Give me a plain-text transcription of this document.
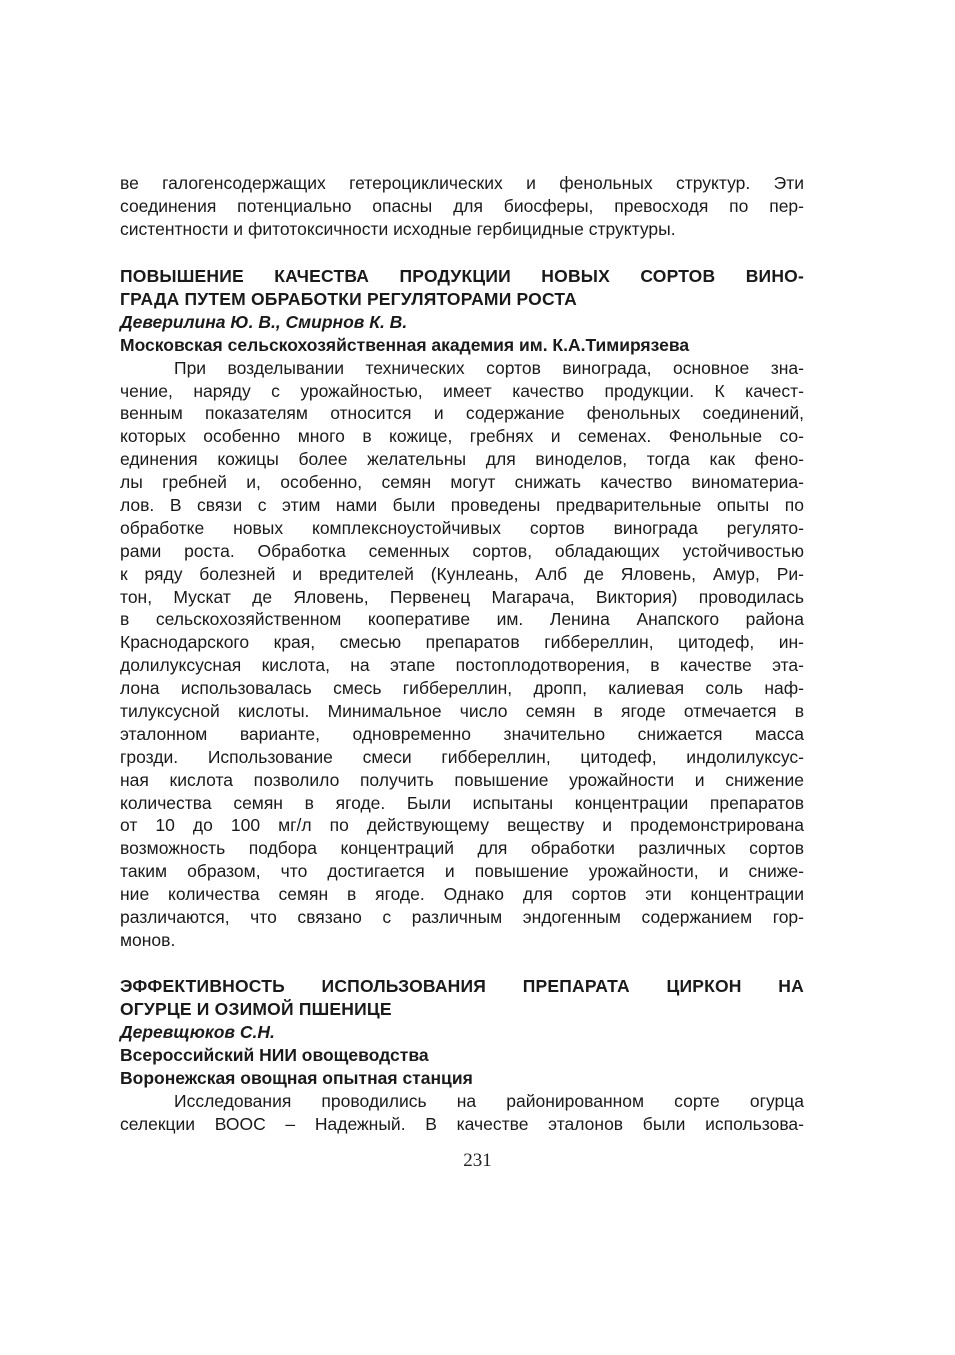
ве галогенсодержащих гетероциклических и фенольных структур. Эти
соединения потенциально опасны для биосферы, превосходя по пер-
систентности и фитотоксичности исходные гербицидные структуры.
ПОВЫШЕНИЕ КАЧЕСТВА ПРОДУКЦИИ НОВЫХ СОРТОВ ВИНО-
ГРАДА ПУТЕМ ОБРАБОТКИ РЕГУЛЯТОРАМИ РОСТА
Деверилина Ю. В., Смирнов К. В.
Московская сельскохозяйственная академия им. К.А.Тимирязева
При возделывании технических сортов винограда, основное зна-
чение, наряду с урожайностью, имеет качество продукции. К качест-
венным показателям относится и содержание фенольных соединений,
которых особенно много в кожице, гребнях и семенах. Фенольные со-
единения кожицы более желательны для виноделов, тогда как фено-
лы гребней и, особенно, семян могут снижать качество виноматериа-
лов. В связи с этим нами были проведены предварительные опыты по
обработке новых комплексноустойчивых сортов винограда регулято-
рами роста. Обработка семенных сортов, обладающих устойчивостью
к ряду болезней и вредителей (Кунлеань, Алб де Яловень, Амур, Ри-
тон, Мускат де Яловень, Первенец Магарача, Виктория) проводилась
в сельскохозяйственном кооперативе им. Ленина Анапского района
Краснодарского края, смесью препаратов гиббереллин, цитодеф, ин-
долилуксусная кислота, на этапе постоплодотворения, в качестве эта-
лона использовалась смесь гиббереллин, дропп, калиевая соль наф-
тилуксусной кислоты. Минимальное число семян в ягоде отмечается в
эталонном варианте, одновременно значительно снижается масса
грозди. Использование смеси гиббереллин, цитодеф, индолилуксус-
ная кислота позволило получить повышение урожайности и снижение
количества семян в ягоде. Были испытаны концентрации препаратов
от 10 до 100 мг/л по действующему веществу и продемонстрирована
возможность подбора концентраций для обработки различных сортов
таким образом, что достигается и повышение урожайности, и сниже-
ние количества семян в ягоде. Однако для сортов эти концентрации
различаются, что связано с различным эндогенным содержанием гор-
монов.
ЭФФЕКТИВНОСТЬ ИСПОЛЬЗОВАНИЯ ПРЕПАРАТА ЦИРКОН НА
ОГУРЦЕ И ОЗИМОЙ ПШЕНИЦЕ
Деревщюков С.Н.
Всероссийский НИИ овощеводства
Воронежская овощная опытная станция
Исследования проводились на районированном сорте огурца
селекции ВООС – Надежный. В качестве эталонов были использова-
231
